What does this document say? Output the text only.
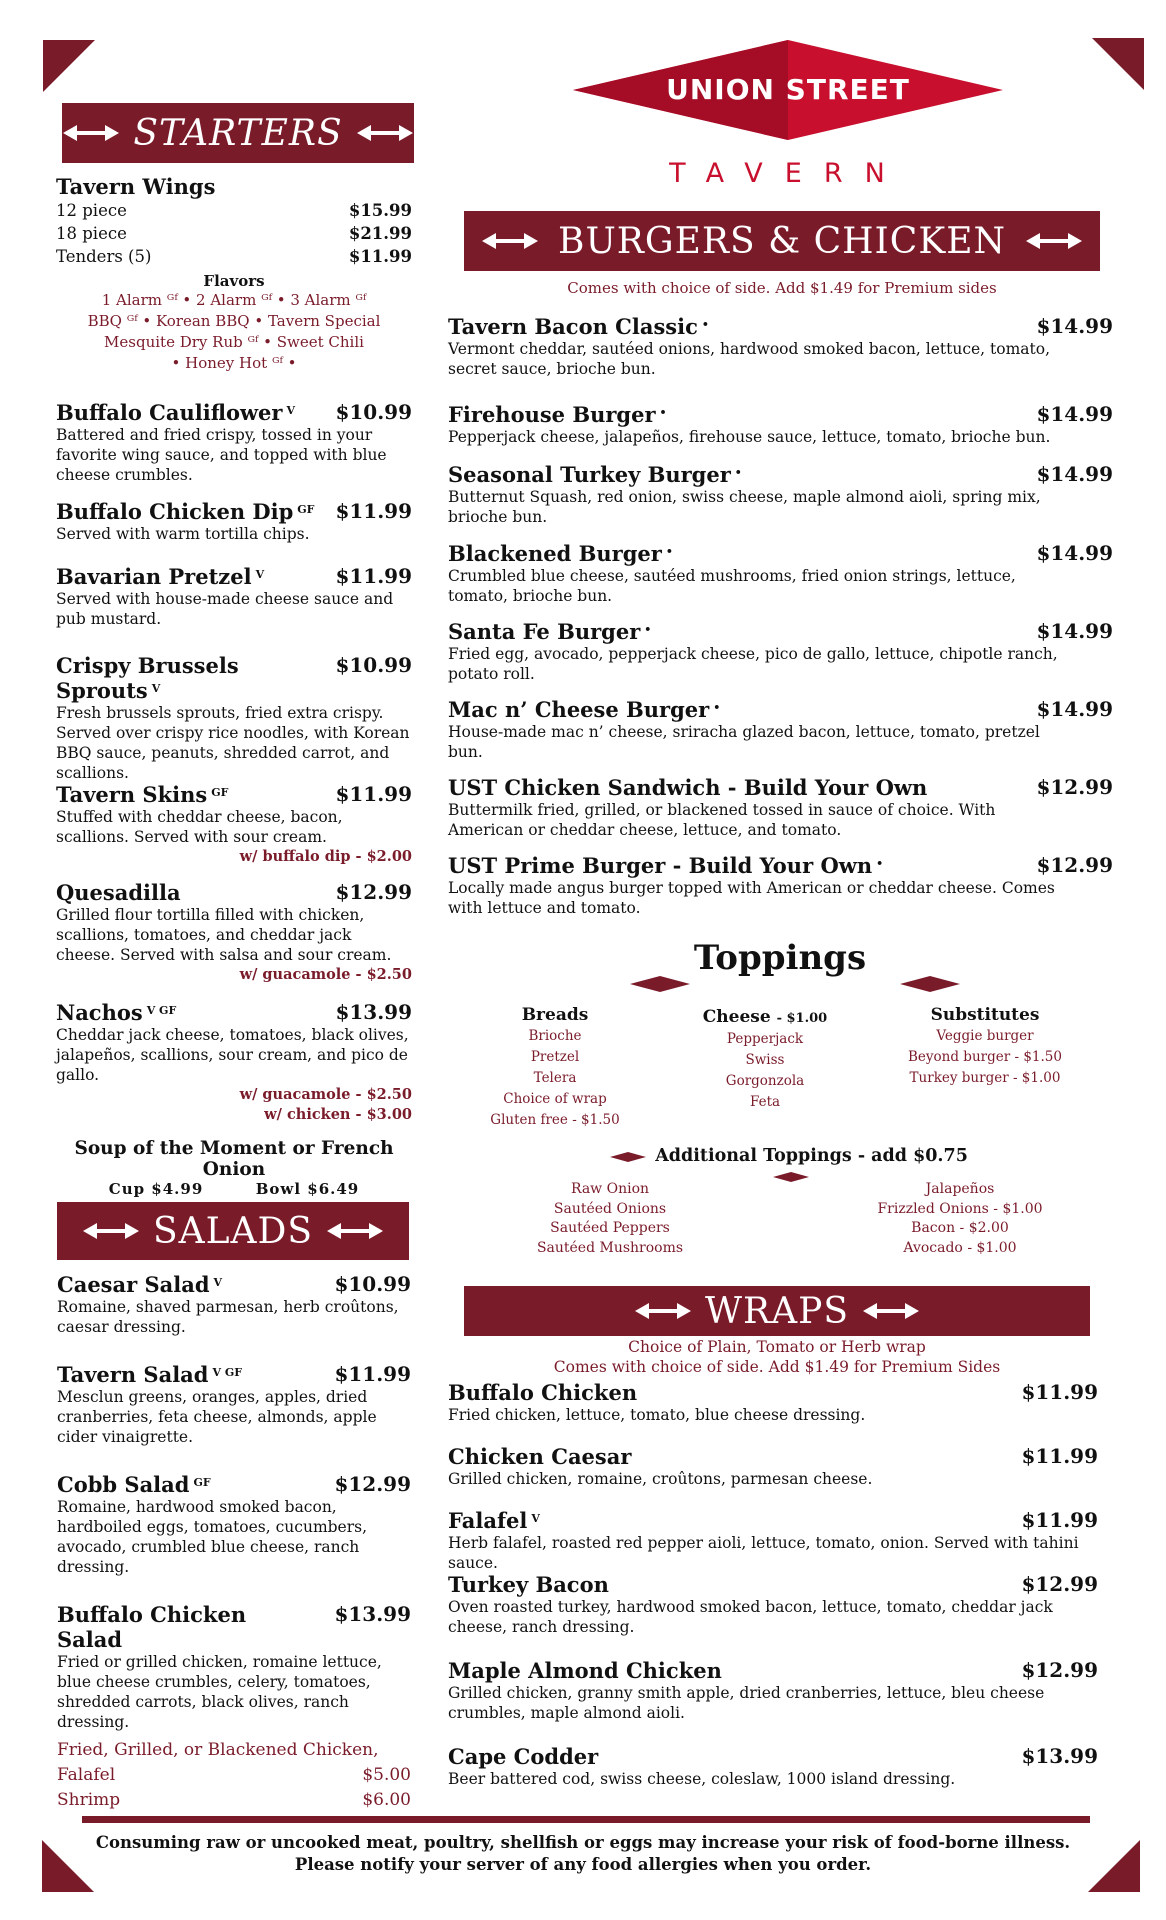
UNION STREET
TAVERN
STARTERS
Tavern Wings
12 piece	$15.99
18 piece	$21.99
Tenders (5)	$11.99
Flavors
1 Alarm ᴳᶠ • 2 Alarm ᴳᶠ • 3 Alarm ᴳᶠ
BBQ ᴳᶠ • Korean BBQ • Tavern Special
Mesquite Dry Rub ᴳᶠ • Sweet Chili
• Honey Hot ᴳᶠ •
Buffalo Cauliflower $^V$ $10.99
Battered and fried crispy, tossed in your favorite wing sauce, and topped with blue cheese crumbles.
Buffalo Chicken Dip $^{GF}$ $11.99
Served with warm tortilla chips.
Bavarian Pretzel $^V$	$11.99
Served with house-made cheese sauce and pub mustard.
Crispy Brussels Sprouts $^V$
$10.99
Fresh brussels sprouts, fried extra crispy. Served over crispy rice noodles, with Korean BBQ sauce, peanuts, shredded carrot, and scallions.
Tavern Skins $^{GF}$	$11.99
Stuffed with cheddar cheese, bacon, scallions. Served with sour cream.
w/ buffalo dip - $2.00
Quesadilla	$12.99
Grilled flour tortilla filled with chicken, scallions, tomatoes, and cheddar jack cheese. Served with salsa and sour cream.
w/ guacamole - $2.50
Nachos $^{V GF}$	$13.99
Cheddar jack cheese, tomatoes, black olives, jalapeños, scallions, sour cream, and pico de gallo.
w/ guacamole - $2.50
w/ chicken - $3.00
Soup of the Moment or French Onion
Cup $4.99	Bowl $6.49
SALADS
Caesar Salad $^V$	$10.99
Romaine, shaved parmesan, herb croûtons, caesar dressing.
Tavern Salad $^{V GF}$	$11.99
Mesclun greens, oranges, apples, dried cranberries, feta cheese, almonds, apple cider vinaigrette.
Cobb Salad $^{GF}$	$12.99
Romaine, hardwood smoked bacon, hardboiled eggs, tomatoes, cucumbers, avocado, crumbled blue cheese, ranch dressing.
Buffalo Chicken Salad
$13.99
Fried or grilled chicken, romaine lettuce, blue cheese crumbles, celery, tomatoes, shredded carrots, black olives, ranch dressing.
Fried, Grilled, or Blackened Chicken,
Falafel	$5.00
Shrimp	$6.00
BURGERS & CHICKEN
Comes with choice of side. Add $1.49 for Premium sides
Tavern Bacon Classic •	$14.99
Vermont cheddar, sautéed onions, hardwood smoked bacon, lettuce, tomato, secret sauce, brioche bun.
Firehouse Burger •	$14.99
Pepperjack cheese, jalapeños, firehouse sauce, lettuce, tomato, brioche bun.
Seasonal Turkey Burger •	$14.99
Butternut Squash, red onion, swiss cheese, maple almond aioli, spring mix, brioche bun.
Blackened Burger •	$14.99
Crumbled blue cheese, sautéed mushrooms, fried onion strings, lettuce, tomato, brioche bun.
Santa Fe Burger •	$14.99
Fried egg, avocado, pepperjack cheese, pico de gallo, lettuce, chipotle ranch, potato roll.
Mac n’ Cheese Burger •	$14.99
House-made mac n’ cheese, sriracha glazed bacon, lettuce, tomato, pretzel bun.
UST Chicken Sandwich - Build Your Own	$12.99
Buttermilk fried, grilled, or blackened tossed in sauce of choice. With American or cheddar cheese, lettuce, and tomato.
UST Prime Burger - Build Your Own •	$12.99
Locally made angus burger topped with American or cheddar cheese. Comes with lettuce and tomato.
Toppings
Breads
Brioche
Pretzel
Telera
Choice of wrap
Gluten free - $1.50
Cheese - $1.00
Pepperjack
Swiss
Gorgonzola
Feta
Substitutes
Veggie burger
Beyond burger - $1.50
Turkey burger - $1.00
Additional Toppings - add $0.75
Raw Onion
Sautéed Onions
Sautéed Peppers
Sautéed Mushrooms
Jalapeños
Frizzled Onions - $1.00
Bacon - $2.00
Avocado - $1.00
WRAPS
Choice of Plain, Tomato or Herb wrap
Comes with choice of side. Add $1.49 for Premium Sides
Buffalo Chicken	$11.99
Fried chicken, lettuce, tomato, blue cheese dressing.
Chicken Caesar	$11.99
Grilled chicken, romaine, croûtons, parmesan cheese.
Falafel $^V$	$11.99
Herb falafel, roasted red pepper aioli, lettuce, tomato, onion. Served with tahini sauce.
Turkey Bacon	$12.99
Oven roasted turkey, hardwood smoked bacon, lettuce, tomato, cheddar jack cheese, ranch dressing.
Maple Almond Chicken	$12.99
Grilled chicken, granny smith apple, dried cranberries, lettuce, bleu cheese crumbles, maple almond aioli.
Cape Codder	$13.99
Beer battered cod, swiss cheese, coleslaw, 1000 island dressing.
Consuming raw or uncooked meat, poultry, shellfish or eggs may increase your risk of food-borne illness.
Please notify your server of any food allergies when you order.
